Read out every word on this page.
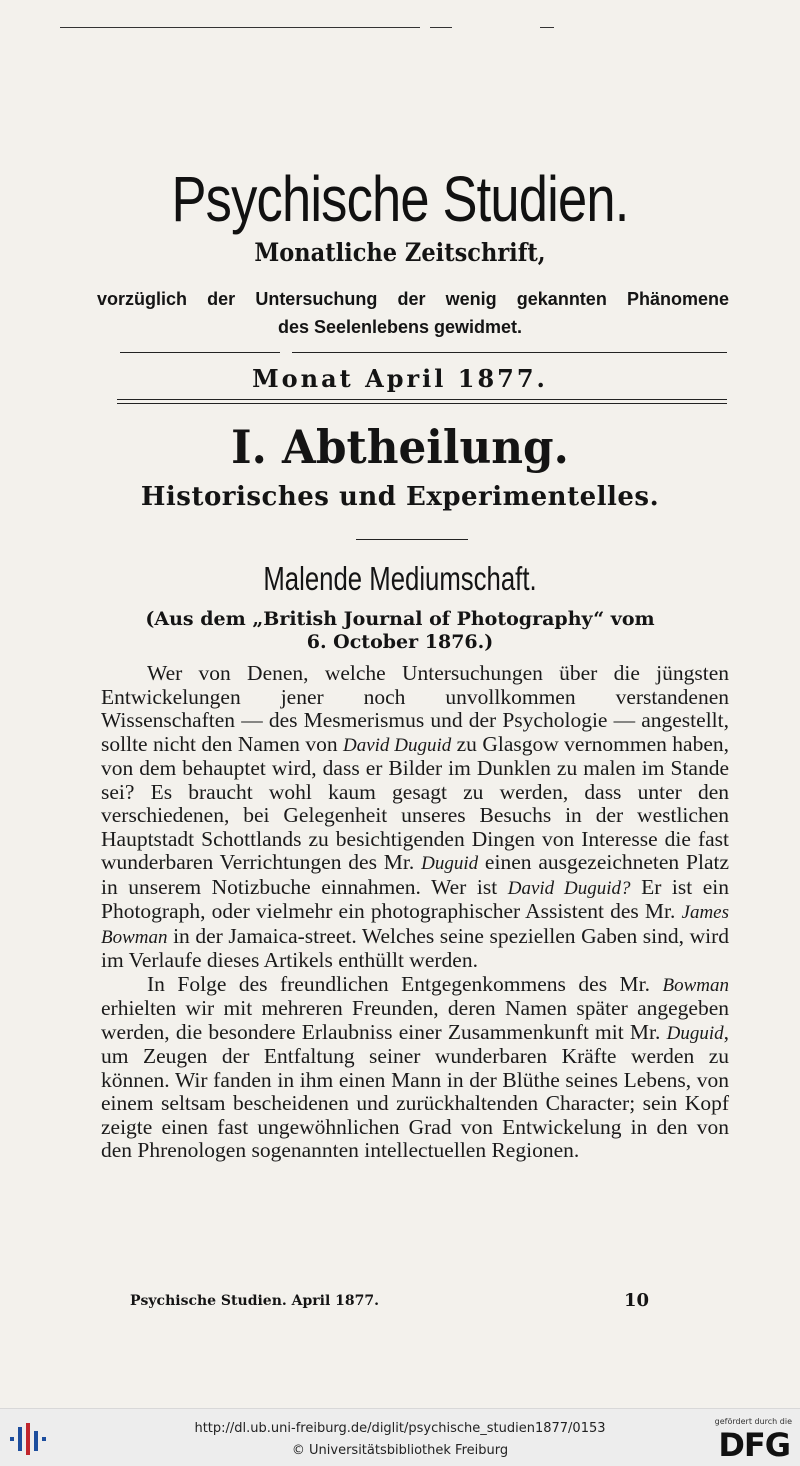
Psychische Studien.
Monatliche Zeitschrift,
vorzüglich der Untersuchung der wenig gekannten Phänomene
des Seelenlebens gewidmet.
Monat April 1877.
I. Abtheilung.
Historisches und Experimentelles.
Malende Mediumschaft.
(Aus dem „British Journal of Photography“ vom
6. October 1876.)

Wer von Denen, welche Untersuchungen über die jüngsten Entwickelungen jener noch unvollkommen verstandenen Wissenschaften — des Mesmerismus und der Psychologie — angestellt, sollte nicht den Namen von David Duguid zu Glasgow vernommen haben, von dem behauptet wird, dass er Bilder im Dunklen zu malen im Stande sei? Es braucht wohl kaum gesagt zu werden, dass unter den verschiedenen, bei Gelegenheit unseres Besuchs in der westlichen Hauptstadt Schottlands zu besichtigenden Dingen von Interesse die fast wunderbaren Verrichtungen des Mr. Duguid einen ausgezeichneten Platz in unserem Notizbuche einnahmen. Wer ist David Duguid? Er ist ein Photograph, oder vielmehr ein photographischer Assistent des Mr. James Bowman in der Jamaica-street. Welches seine speziellen Gaben sind, wird im Verlaufe dieses Artikels enthüllt werden.

In Folge des freundlichen Entgegenkommens des Mr. Bowman erhielten wir mit mehreren Freunden, deren Namen später angegeben werden, die besondere Erlaubniss einer Zusammenkunft mit Mr. Duguid, um Zeugen der Entfaltung seiner wunderbaren Kräfte werden zu können. Wir fanden in ihm einen Mann in der Blüthe seines Lebens, von einem seltsam bescheidenen und zurückhaltenden Character; sein Kopf zeigte einen fast ungewöhnlichen Grad von Entwickelung in den von den Phrenologen sogenannten intellectuellen Regionen.

Psychische Studien. April 1877.	10
http://dl.ub.uni-freiburg.de/diglit/psychische_studien1877/0153
© Universitätsbibliothek Freiburg
gefördert durch die
DFG
